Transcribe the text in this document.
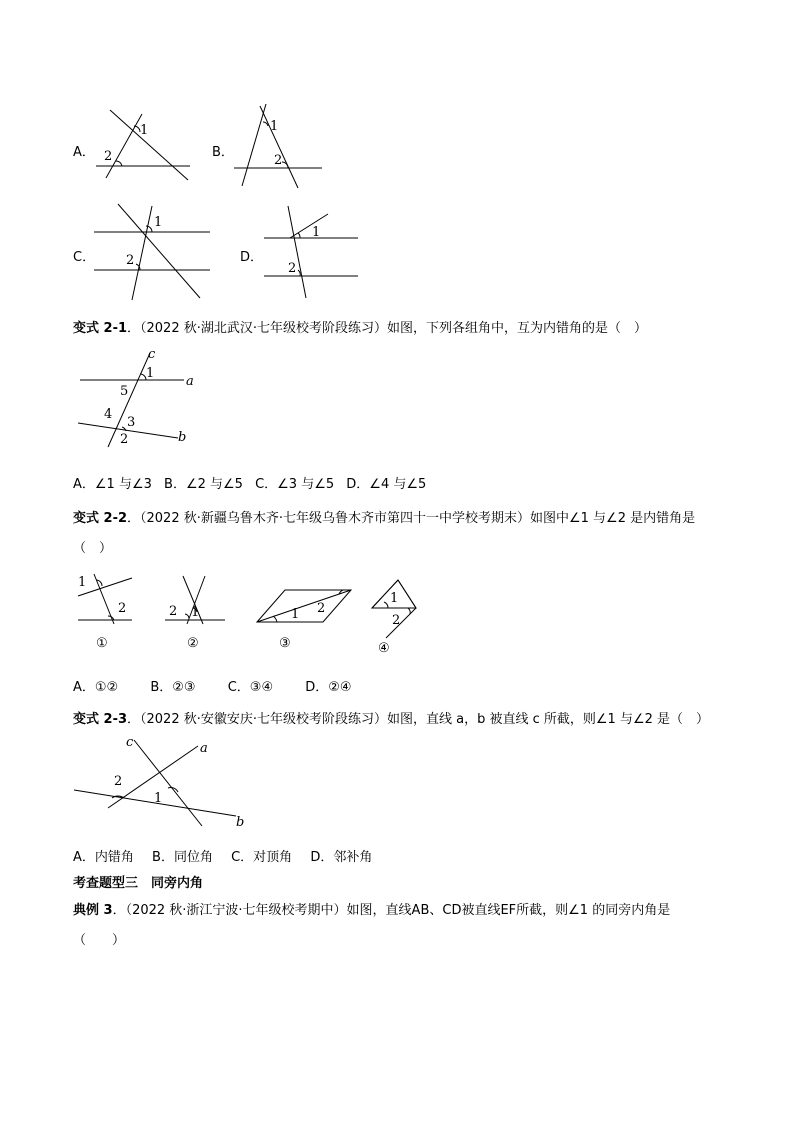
A．
1
2	B．
1
2
C．
1
2	D．
1
2
变式 2-1．（2022 秋·湖北武汉·七年级校考阶段练习）如图，下列各组角中，互为内错角的是（　）
c
a
b
1
5
4
3
2
A．∠1 与∠3 B．∠2 与∠5 C．∠3 与∠5 D．∠4 与∠5
变式 2-2．（2022 秋·新疆乌鲁木齐·七年级乌鲁木齐市第四十一中学校考期末）如图中∠1 与∠2 是内错角是
（　）
1
2
①
2 1
②
1 2
③
1
2
④
A．①② B．②③ C．③④ D．②④
变式 2-3．（2022 秋·安徽安庆·七年级校考阶段练习）如图，直线 a，b 被直线 c 所截，则∠1 与∠2 是（　）
c	a
b
2
1
A．内错角 B．同位角 C．对顶角 D．邻补角
考查题型三　同旁内角
典例 3．（2022 秋·浙江宁波·七年级校考期中）如图，直线AB、CD被直线EF所截，则∠1 的同旁内角是
（　　）
